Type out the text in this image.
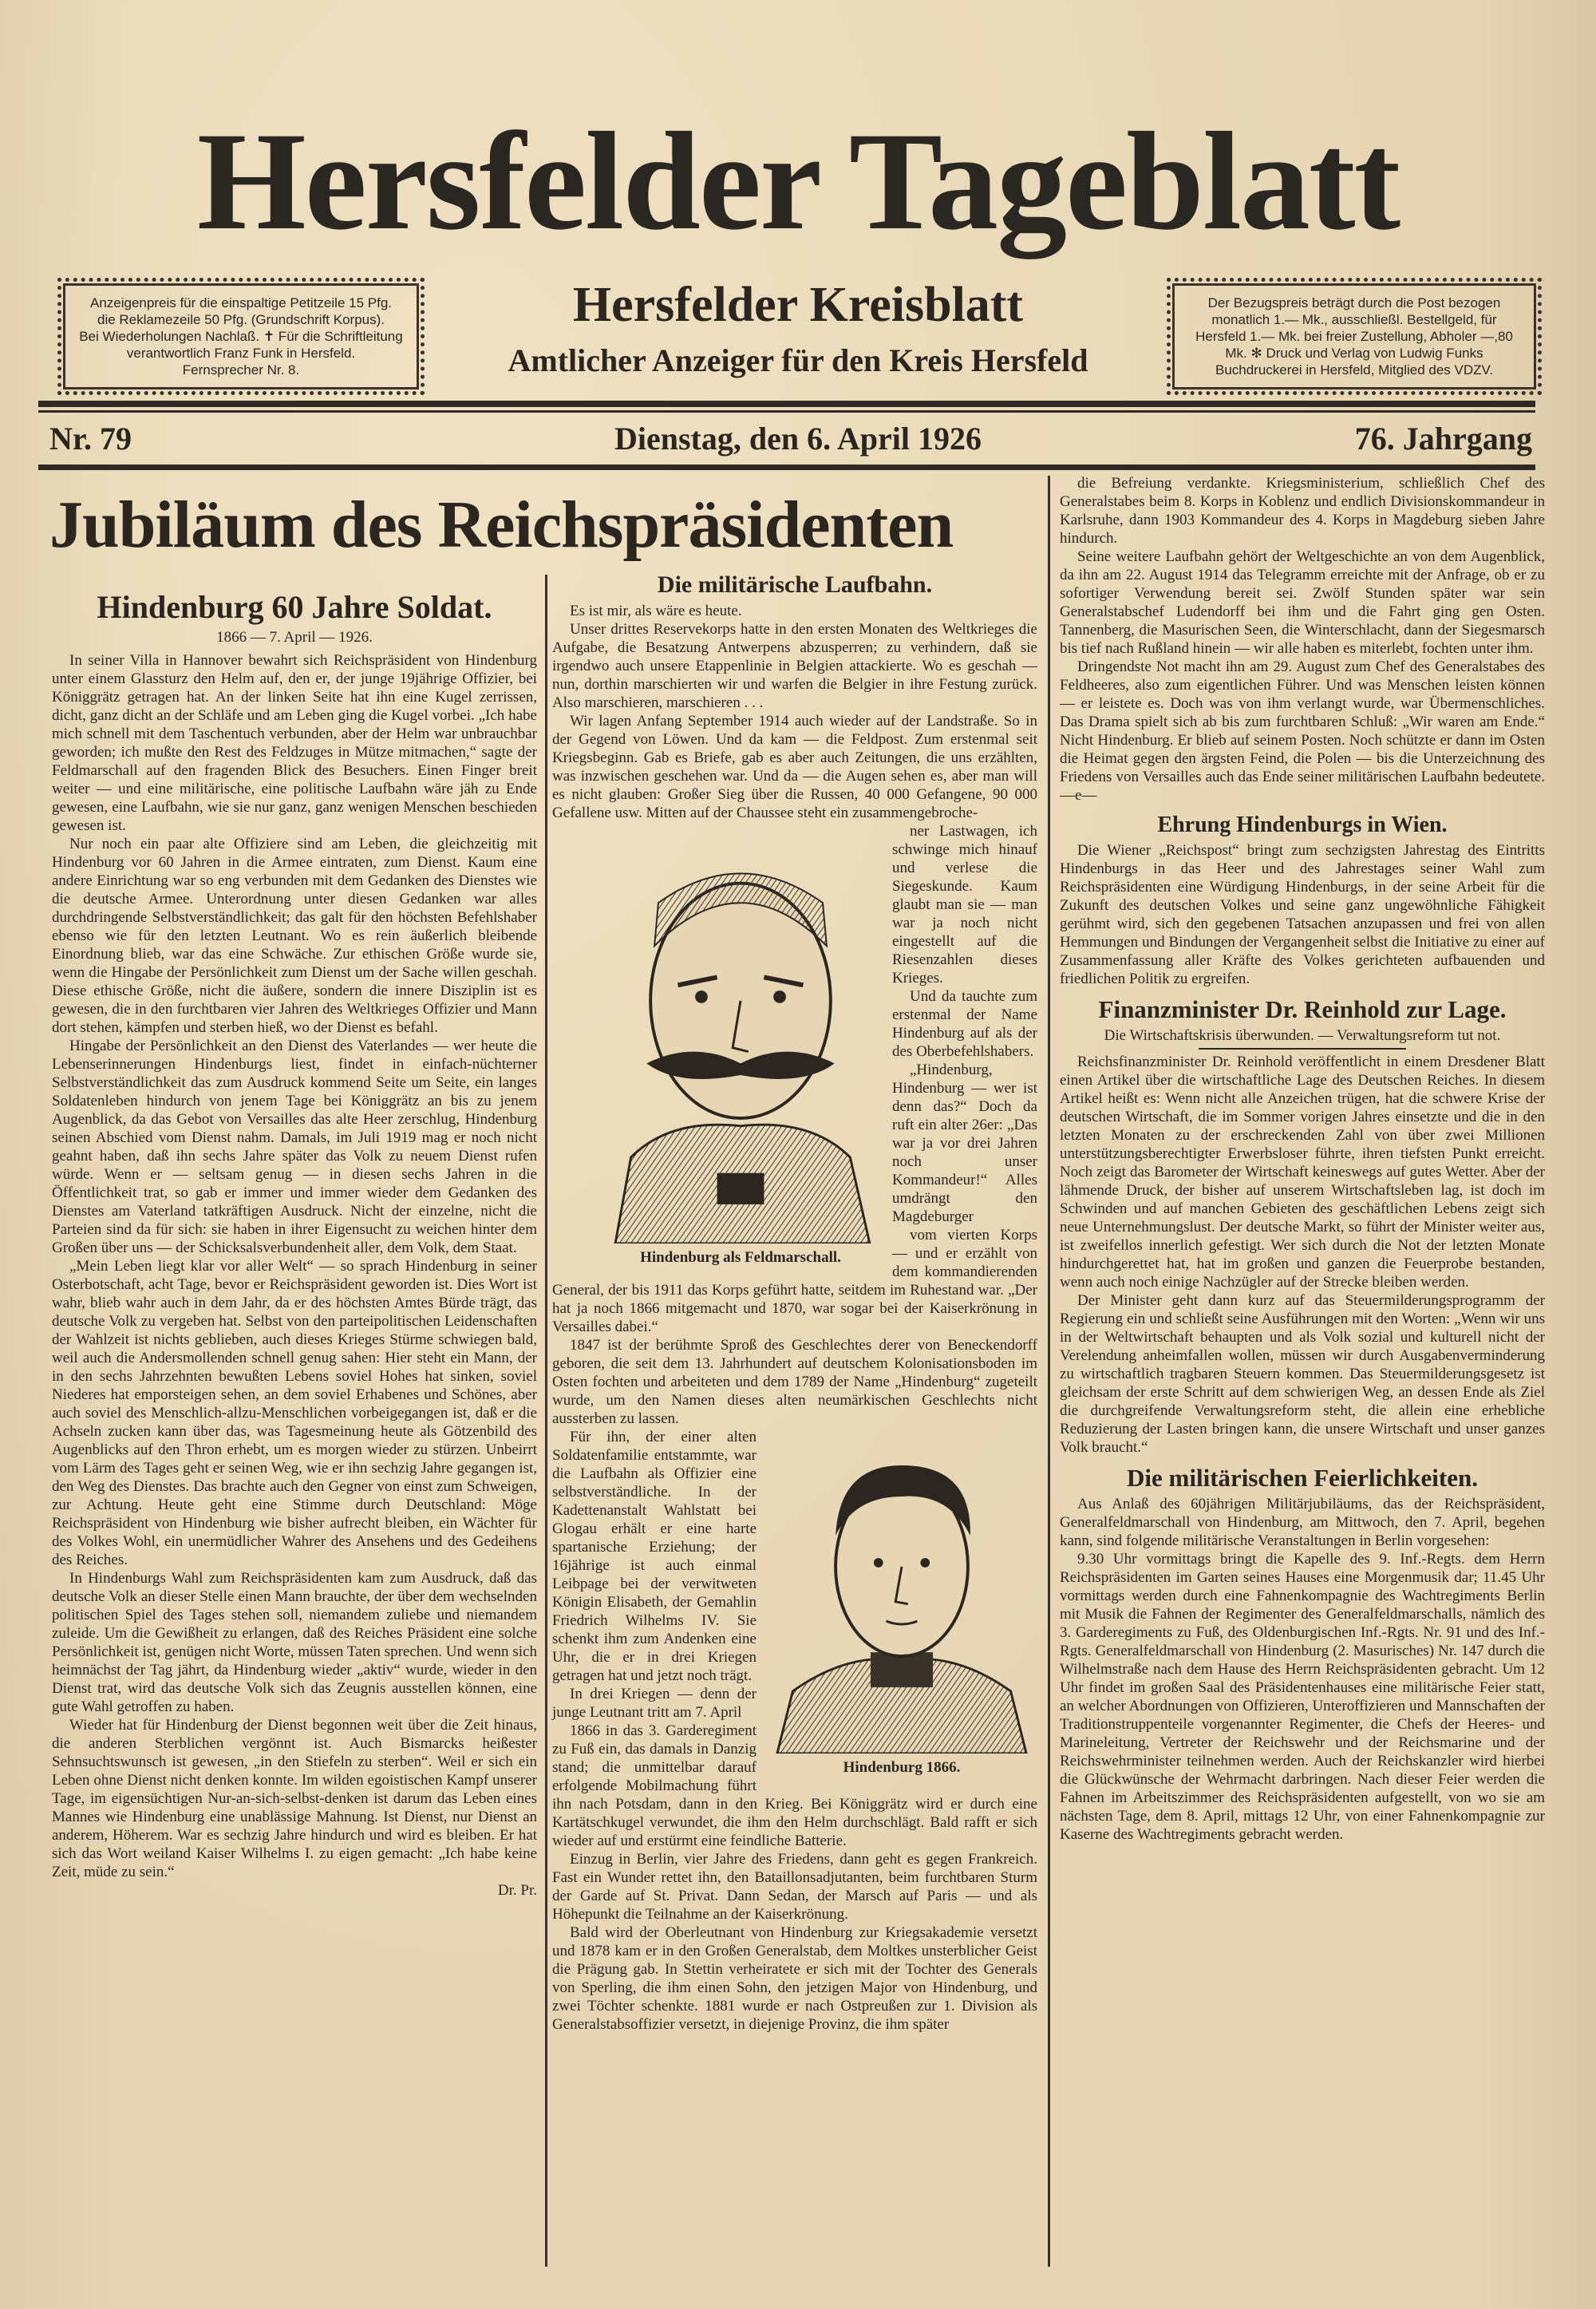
Hersfelder Tageblatt
Anzeigenpreis für die einspaltige Petitzeile 15 Pfg.
die Reklamezeile 50 Pfg. (Grundschrift Korpus).
Bei Wiederholungen Nachlaß. ✝ Für die Schriftleitung verantwortlich Franz Funk in Hersfeld.
Fernsprecher Nr. 8.
Hersfelder Kreisblatt
Amtlicher Anzeiger für den Kreis Hersfeld
Der Bezugspreis beträgt durch die Post bezogen monatlich 1.— Mk., ausschließl. Bestellgeld, für Hersfeld 1.— Mk. bei freier Zustellung, Abholer —,80 Mk. ✻ Druck und Verlag von Ludwig Funks Buchdruckerei in Hersfeld, Mitglied des VDZV.
Nr. 79	Dienstag, den 6. April 1926	76. Jahrgang
Jubiläum des Reichspräsidenten
Hindenburg 60 Jahre Soldat.
1866 — 7. April — 1926.

In seiner Villa in Hannover bewahrt sich Reichspräsident von Hindenburg unter einem Glassturz den Helm auf, den er, der junge 19jährige Offizier, bei Königgrätz getragen hat. An der linken Seite hat ihn eine Kugel zerrissen, dicht, ganz dicht an der Schläfe und am Leben ging die Kugel vorbei. „Ich habe mich schnell mit dem Taschentuch verbunden, aber der Helm war unbrauchbar geworden; ich mußte den Rest des Feldzuges in Mütze mitmachen,“ sagte der Feldmarschall auf den fragenden Blick des Besuchers. Einen Finger breit weiter — und eine militärische, eine politische Laufbahn wäre jäh zu Ende gewesen, eine Laufbahn, wie sie nur ganz, ganz wenigen Menschen beschieden gewesen ist.

Nur noch ein paar alte Offiziere sind am Leben, die gleichzeitig mit Hindenburg vor 60 Jahren in die Armee eintraten, zum Dienst. Kaum eine andere Einrichtung war so eng verbunden mit dem Gedanken des Dienstes wie die deutsche Armee. Unterordnung unter diesen Gedanken war alles durchdringende Selbstverständlichkeit; das galt für den höchsten Befehlshaber ebenso wie für den letzten Leutnant. Wo es rein äußerlich bleibende Einordnung blieb, war das eine Schwäche. Zur ethischen Größe wurde sie, wenn die Hingabe der Persönlichkeit zum Dienst um der Sache willen geschah. Diese ethische Größe, nicht die äußere, sondern die innere Disziplin ist es gewesen, die in den furchtbaren vier Jahren des Weltkrieges Offizier und Mann dort stehen, kämpfen und sterben hieß, wo der Dienst es befahl.

Hingabe der Persönlichkeit an den Dienst des Vaterlandes — wer heute die Lebenserinnerungen Hindenburgs liest, findet in einfach-nüchterner Selbstverständlichkeit das zum Ausdruck kommend Seite um Seite, ein langes Soldatenleben hindurch von jenem Tage bei Königgrätz an bis zu jenem Augenblick, da das Gebot von Versailles das alte Heer zerschlug, Hindenburg seinen Abschied vom Dienst nahm. Damals, im Juli 1919 mag er noch nicht geahnt haben, daß ihn sechs Jahre später das Volk zu neuem Dienst rufen würde. Wenn er — seltsam genug — in diesen sechs Jahren in die Öffentlichkeit trat, so gab er immer und immer wieder dem Gedanken des Dienstes am Vaterland tatkräftigen Ausdruck. Nicht der einzelne, nicht die Parteien sind da für sich: sie haben in ihrer Eigensucht zu weichen hinter dem Großen über uns — der Schicksalsverbundenheit aller, dem Volk, dem Staat.

„Mein Leben liegt klar vor aller Welt“ — so sprach Hindenburg in seiner Osterbotschaft, acht Tage, bevor er Reichspräsident geworden ist. Dies Wort ist wahr, blieb wahr auch in dem Jahr, da er des höchsten Amtes Bürde trägt, das deutsche Volk zu vergeben hat. Selbst von den parteipolitischen Leidenschaften der Wahlzeit ist nichts geblieben, auch dieses Krieges Stürme schwiegen bald, weil auch die Andersmollenden schnell genug sahen: Hier steht ein Mann, der in den sechs Jahrzehnten bewußten Lebens soviel Hohes hat sinken, soviel Niederes hat emporsteigen sehen, an dem soviel Erhabenes und Schönes, aber auch soviel des Menschlich-allzu-Menschlichen vorbeigegangen ist, daß er die Achseln zucken kann über das, was Tagesmeinung heute als Götzenbild des Augenblicks auf den Thron erhebt, um es morgen wieder zu stürzen. Unbeirrt vom Lärm des Tages geht er seinen Weg, wie er ihn sechzig Jahre gegangen ist, den Weg des Dienstes. Das brachte auch den Gegner von einst zum Schweigen, zur Achtung. Heute geht eine Stimme durch Deutschland: Möge Reichspräsident von Hindenburg wie bisher aufrecht bleiben, ein Wächter für des Volkes Wohl, ein unermüdlicher Wahrer des Ansehens und des Gedeihens des Reiches.

In Hindenburgs Wahl zum Reichspräsidenten kam zum Ausdruck, daß das deutsche Volk an dieser Stelle einen Mann brauchte, der über dem wechselnden politischen Spiel des Tages stehen soll, niemandem zuliebe und niemandem zuleide. Um die Gewißheit zu erlangen, daß des Reiches Präsident eine solche Persönlichkeit ist, genügen nicht Worte, müssen Taten sprechen. Und wenn sich heimnächst der Tag jährt, da Hindenburg wieder „aktiv“ wurde, wieder in den Dienst trat, wird das deutsche Volk sich das Zeugnis ausstellen können, eine gute Wahl getroffen zu haben.

Wieder hat für Hindenburg der Dienst begonnen weit über die Zeit hinaus, die anderen Sterblichen vergönnt ist. Auch Bismarcks heißester Sehnsuchtswunsch ist gewesen, „in den Stiefeln zu sterben“. Weil er sich ein Leben ohne Dienst nicht denken konnte. Im wilden egoistischen Kampf unserer Tage, im eigensüchtigen Nur-an-sich-selbst-denken ist darum das Leben eines Mannes wie Hindenburg eine unablässige Mahnung. Ist Dienst, nur Dienst an anderem, Höherem. War es sechzig Jahre hindurch und wird es bleiben. Er hat sich das Wort weiland Kaiser Wilhelms I. zu eigen gemacht: „Ich habe keine Zeit, müde zu sein.“

Dr. Pr.
Die militärische Laufbahn.

Es ist mir, als wäre es heute.

Unser drittes Reservekorps hatte in den ersten Monaten des Weltkrieges die Aufgabe, die Besatzung Antwerpens abzusperren; zu verhindern, daß sie irgendwo auch unsere Etappenlinie in Belgien attackierte. Wo es geschah — nun, dorthin marschierten wir und warfen die Belgier in ihre Festung zurück. Also marschieren, marschieren . . .

Wir lagen Anfang September 1914 auch wieder auf der Landstraße. So in der Gegend von Löwen. Und da kam — die Feldpost. Zum erstenmal seit Kriegsbeginn. Gab es Briefe, gab es aber auch Zeitungen, die uns erzählten, was inzwischen geschehen war. Und da — die Augen sehen es, aber man will es nicht glauben: Großer Sieg über die Russen, 40 000 Gefangene, 90 000 Gefallene usw. Mitten auf der Chaussee steht ein zusammengebroche-

Hindenburg als Feldmarschall.

ner Lastwagen, ich schwinge mich hinauf und verlese die Siegeskunde. Kaum glaubt man sie — man war ja noch nicht eingestellt auf die Riesenzahlen dieses Krieges.

Und da tauchte zum erstenmal der Name Hindenburg auf als der des Oberbefehlshabers.

„Hindenburg, Hindenburg — wer ist denn das?“ Doch da ruft ein alter 26er: „Das war ja vor drei Jahren noch unser Kommandeur!“ Alles umdrängt den Magdeburger

vom vierten Korps — und er erzählt von dem kommandierenden General, der bis 1911 das Korps geführt hatte, seitdem im Ruhestand war. „Der hat ja noch 1866 mitgemacht und 1870, war sogar bei der Kaiserkrönung in Versailles dabei.“

1847 ist der berühmte Sproß des Geschlechtes derer von Beneckendorff geboren, die seit dem 13. Jahrhundert auf deutschem Kolonisationsboden im Osten fochten und arbeiteten und dem 1789 der Name „Hindenburg“ zugeteilt wurde, um den Namen dieses alten neumärkischen Geschlechts nicht aussterben zu lassen.

Hindenburg 1866.

Für ihn, der einer alten Soldatenfamilie entstammte, war die Laufbahn als Offizier eine selbstverständliche. In der Kadettenanstalt Wahlstatt bei Glogau erhält er eine harte spartanische Erziehung; der 16jährige ist auch einmal Leibpage bei der verwitweten Königin Elisabeth, der Gemahlin Friedrich Wilhelms IV. Sie schenkt ihm zum Andenken eine Uhr, die er in drei Kriegen getragen hat und jetzt noch trägt.

In drei Kriegen — denn der junge Leutnant tritt am 7. April

1866 in das 3. Garderegiment zu Fuß ein, das damals in Danzig stand; die unmittelbar darauf erfolgende Mobilmachung führt ihn nach Potsdam, dann in den Krieg. Bei Königgrätz wird er durch eine Kartätschkugel verwundet, die ihm den Helm durchschlägt. Bald rafft er sich wieder auf und erstürmt eine feindliche Batterie.

Einzug in Berlin, vier Jahre des Friedens, dann geht es gegen Frankreich. Fast ein Wunder rettet ihn, den Bataillonsadjutanten, beim furchtbaren Sturm der Garde auf St. Privat. Dann Sedan, der Marsch auf Paris — und als Höhepunkt die Teilnahme an der Kaiserkrönung.

Bald wird der Oberleutnant von Hindenburg zur Kriegsakademie versetzt und 1878 kam er in den Großen Generalstab, dem Moltkes unsterblicher Geist die Prägung gab. In Stettin verheiratete er sich mit der Tochter des Generals von Sperling, die ihm einen Sohn, den jetzigen Major von Hindenburg, und zwei Töchter schenkte. 1881 wurde er nach Ostpreußen zur 1. Division als Generalstabsoffizier versetzt, in diejenige Provinz, die ihm später

die Befreiung verdankte. Kriegsministerium, schließlich Chef des Generalstabes beim 8. Korps in Koblenz und endlich Divisionskommandeur in Karlsruhe, dann 1903 Kommandeur des 4. Korps in Magdeburg sieben Jahre hindurch.

Seine weitere Laufbahn gehört der Weltgeschichte an von dem Augenblick, da ihn am 22. August 1914 das Telegramm erreichte mit der Anfrage, ob er zu sofortiger Verwendung bereit sei. Zwölf Stunden später war sein Generalstabschef Ludendorff bei ihm und die Fahrt ging gen Osten. Tannenberg, die Masurischen Seen, die Winterschlacht, dann der Siegesmarsch bis tief nach Rußland hinein — wir alle haben es miterlebt, fochten unter ihm.

Dringendste Not macht ihn am 29. August zum Chef des Generalstabes des Feldheeres, also zum eigentlichen Führer. Und was Menschen leisten können — er leistete es. Doch was von ihm verlangt wurde, war Übermenschliches. Das Drama spielt sich ab bis zum furchtbaren Schluß: „Wir waren am Ende.“ Nicht Hindenburg. Er blieb auf seinem Posten. Noch schützte er dann im Osten die Heimat gegen den ärgsten Feind, die Polen — bis die Unterzeichnung des Friedens von Versailles auch das Ende seiner militärischen Laufbahn bedeutete. —e—

Ehrung Hindenburgs in Wien.

Die Wiener „Reichspost“ bringt zum sechzigsten Jahrestag des Eintritts Hindenburgs in das Heer und des Jahrestages seiner Wahl zum Reichspräsidenten eine Würdigung Hindenburgs, in der seine Arbeit für die Zukunft des deutschen Volkes und seine ganz ungewöhnliche Fähigkeit gerühmt wird, sich den gegebenen Tatsachen anzupassen und frei von allen Hemmungen und Bindungen der Vergangenheit selbst die Initiative zu einer auf Zusammenfassung aller Kräfte des Volkes gerichteten aufbauenden und friedlichen Politik zu ergreifen.

Finanzminister Dr. Reinhold zur Lage.
Die Wirtschaftskrisis überwunden. — Verwaltungsreform tut not.

Reichsfinanzminister Dr. Reinhold veröffentlicht in einem Dresdener Blatt einen Artikel über die wirtschaftliche Lage des Deutschen Reiches. In diesem Artikel heißt es: Wenn nicht alle Anzeichen trügen, hat die schwere Krise der deutschen Wirtschaft, die im Sommer vorigen Jahres einsetzte und die in den letzten Monaten zu der erschreckenden Zahl von über zwei Millionen unterstützungsberechtigter Erwerbsloser führte, ihren tiefsten Punkt erreicht. Noch zeigt das Barometer der Wirtschaft keineswegs auf gutes Wetter. Aber der lähmende Druck, der bisher auf unserem Wirtschaftsleben lag, ist doch im Schwinden und auf manchen Gebieten des geschäftlichen Lebens zeigt sich neue Unternehmungslust. Der deutsche Markt, so führt der Minister weiter aus, ist zweifellos innerlich gefestigt. Wer sich durch die Not der letzten Monate hindurchgerettet hat, hat im großen und ganzen die Feuerprobe bestanden, wenn auch noch einige Nachzügler auf der Strecke bleiben werden.

Der Minister geht dann kurz auf das Steuermilderungsprogramm der Regierung ein und schließt seine Ausführungen mit den Worten: „Wenn wir uns in der Weltwirtschaft behaupten und als Volk sozial und kulturell nicht der Verelendung anheimfallen wollen, müssen wir durch Ausgabenverminderung zu wirtschaftlich tragbaren Steuern kommen. Das Steuermilderungsgesetz ist gleichsam der erste Schritt auf dem schwierigen Weg, an dessen Ende als Ziel die durchgreifende Verwaltungsreform steht, die allein eine erhebliche Reduzierung der Lasten bringen kann, die unsere Wirtschaft und unser ganzes Volk braucht.“

Die militärischen Feierlichkeiten.

Aus Anlaß des 60jährigen Militärjubiläums, das der Reichspräsident, Generalfeldmarschall von Hindenburg, am Mittwoch, den 7. April, begehen kann, sind folgende militärische Veranstaltungen in Berlin vorgesehen:

9.30 Uhr vormittags bringt die Kapelle des 9. Inf.-Regts. dem Herrn Reichspräsidenten im Garten seines Hauses eine Morgenmusik dar; 11.45 Uhr vormittags werden durch eine Fahnenkompagnie des Wachtregiments Berlin mit Musik die Fahnen der Regimenter des Generalfeldmarschalls, nämlich des 3. Garderegiments zu Fuß, des Oldenburgischen Inf.-Rgts. Nr. 91 und des Inf.-Rgts. Generalfeldmarschall von Hindenburg (2. Masurisches) Nr. 147 durch die Wilhelmstraße nach dem Hause des Herrn Reichspräsidenten gebracht. Um 12 Uhr findet im großen Saal des Präsidentenhauses eine militärische Feier statt, an welcher Abordnungen von Offizieren, Unteroffizieren und Mannschaften der Traditionstruppenteile vorgenannter Regimenter, die Chefs der Heeres- und Marineleitung, Vertreter der Reichswehr und der Reichsmarine und der Reichswehrminister teilnehmen werden. Auch der Reichskanzler wird hierbei die Glückwünsche der Wehrmacht darbringen. Nach dieser Feier werden die Fahnen im Arbeitszimmer des Reichspräsidenten aufgestellt, von wo sie am nächsten Tage, dem 8. April, mittags 12 Uhr, von einer Fahnenkompagnie zur Kaserne des Wachtregiments gebracht werden.
